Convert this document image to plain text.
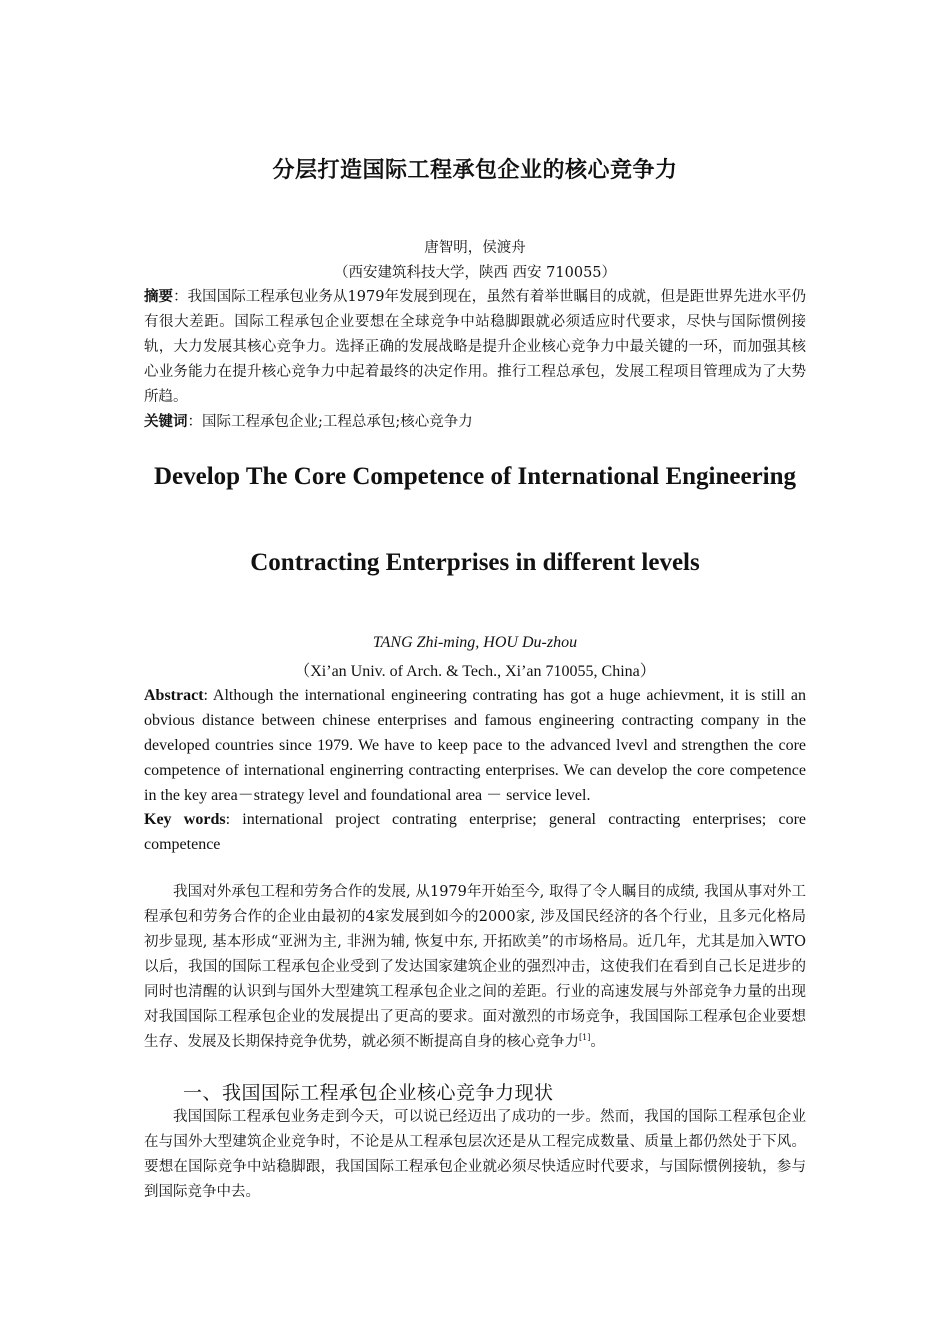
分层打造国际工程承包企业的核心竞争力
唐智明，侯渡舟
（西安建筑科技大学，陕西 西安 710055）
摘要：我国国际工程承包业务从1979年发展到现在，虽然有着举世瞩目的成就，但是距世界先进水平仍有很大差距。国际工程承包企业要想在全球竞争中站稳脚跟就必须适应时代要求，尽快与国际惯例接轨，大力发展其核心竞争力。选择正确的发展战略是提升企业核心竞争力中最关键的一环，而加强其核心业务能力在提升核心竞争力中起着最终的决定作用。推行工程总承包，发展工程项目管理成为了大势所趋。
关键词：国际工程承包企业;工程总承包;核心竞争力
Develop The Core Competence of International Engineering
Contracting Enterprises in different levels
TANG Zhi-ming, HOU Du-zhou
（Xi’an Univ. of Arch. & Tech., Xi’an 710055, China）
Abstract: Although the international engineering contrating has got a huge achievment, it is still an obvious distance between chinese enterprises and famous engineering contracting company in the developed countries since 1979. We have to keep pace to the advanced lvevl and strengthen the core competence of international enginerring contracting enterprises. We can develop the core competence in the key area－strategy level and foundational area － service level.
Key words: international project contrating enterprise; general contracting enterprises; core competence
我国对外承包工程和劳务合作的发展, 从1979年开始至今, 取得了令人瞩目的成绩, 我国从事对外工程承包和劳务合作的企业由最初的4家发展到如今的2000家, 涉及国民经济的各个行业，且多元化格局初步显现, 基本形成“亚洲为主, 非洲为辅, 恢复中东, 开拓欧美”的市场格局。近几年，尤其是加入WTO以后，我国的国际工程承包企业受到了发达国家建筑企业的强烈冲击，这使我们在看到自己长足进步的同时也清醒的认识到与国外大型建筑工程承包企业之间的差距。行业的高速发展与外部竞争力量的出现对我国国际工程承包企业的发展提出了更高的要求。面对激烈的市场竞争，我国国际工程承包企业要想生存、发展及长期保持竞争优势，就必须不断提高自身的核心竞争力[1]。
一、我国国际工程承包企业核心竞争力现状
我国国际工程承包业务走到今天，可以说已经迈出了成功的一步。然而，我国的国际工程承包企业在与国外大型建筑企业竞争时，不论是从工程承包层次还是从工程完成数量、质量上都仍然处于下风。要想在国际竞争中站稳脚跟，我国国际工程承包企业就必须尽快适应时代要求，与国际惯例接轨，参与到国际竞争中去。
